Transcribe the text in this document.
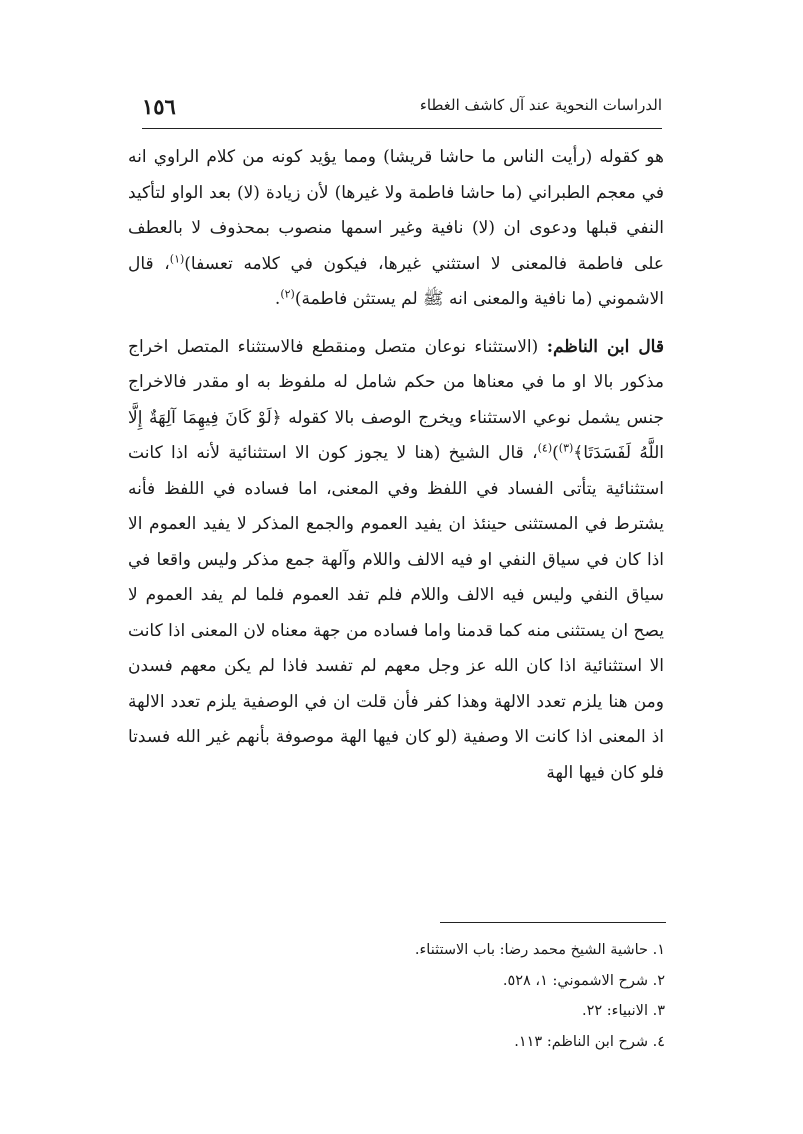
الدراسات النحوية عند آل كاشف الغطاء
١٥٦

هو كقوله (رأيت الناس ما حاشا قريشا) ومما يؤيد كونه من كلام الراوي انه في معجم الطبراني (ما حاشا فاطمة ولا غيرها) لأن زيادة (لا) بعد الواو لتأكيد النفي قبلها ودعوى ان (لا) نافية وغير اسمها منصوب بمحذوف لا بالعطف على فاطمة فالمعنى لا استثني غيرها، فيكون في كلامه تعسفا)$^{(١)}$، قال الاشموني (ما نافية والمعنى انه ﷺ لم يستثن فاطمة)$^{(٢)}$.

قال ابن الناظم: (الاستثناء نوعان متصل ومنقطع فالاستثناء المتصل اخراج مذكور بالا او ما في معناها من حكم شامل له ملفوظ به او مقدر فالاخراج جنس يشمل نوعي الاستثناء ويخرج الوصف بالا كقوله ﴿لَوْ كَانَ فِيهِمَا آلِهَةٌ إِلَّا اللَّهُ لَفَسَدَتَا﴾$^{(٣)}$)$^{(٤)}$، قال الشيخ (هنا لا يجوز كون الا استثنائية لأنه اذا كانت استثنائية يتأتى الفساد في اللفظ وفي المعنى، اما فساده في اللفظ فأنه يشترط في المستثنى حينئذ ان يفيد العموم والجمع المذكر لا يفيد العموم الا اذا كان في سياق النفي او فيه الالف واللام وآلهة جمع مذكر وليس واقعا في سياق النفي وليس فيه الالف واللام فلم تفد العموم فلما لم يفد العموم لا يصح ان يستثنى منه كما قدمنا واما فساده من جهة معناه لان المعنى اذا كانت الا استثنائية اذا كان الله عز وجل معهم لم تفسد فاذا لم يكن معهم فسدن ومن هنا يلزم تعدد الالهة وهذا كفر فأن قلت ان في الوصفية يلزم تعدد الالهة اذ المعنى اذا كانت الا وصفية (لو كان فيها الهة موصوفة بأنهم غير الله فسدتا فلو كان فيها الهة

١. حاشية الشيخ محمد رضا: باب الاستثناء.
٢. شرح الاشموني: ١، ٥٢٨.
٣. الانبياء: ٢٢.
٤. شرح ابن الناظم: ١١٣.
